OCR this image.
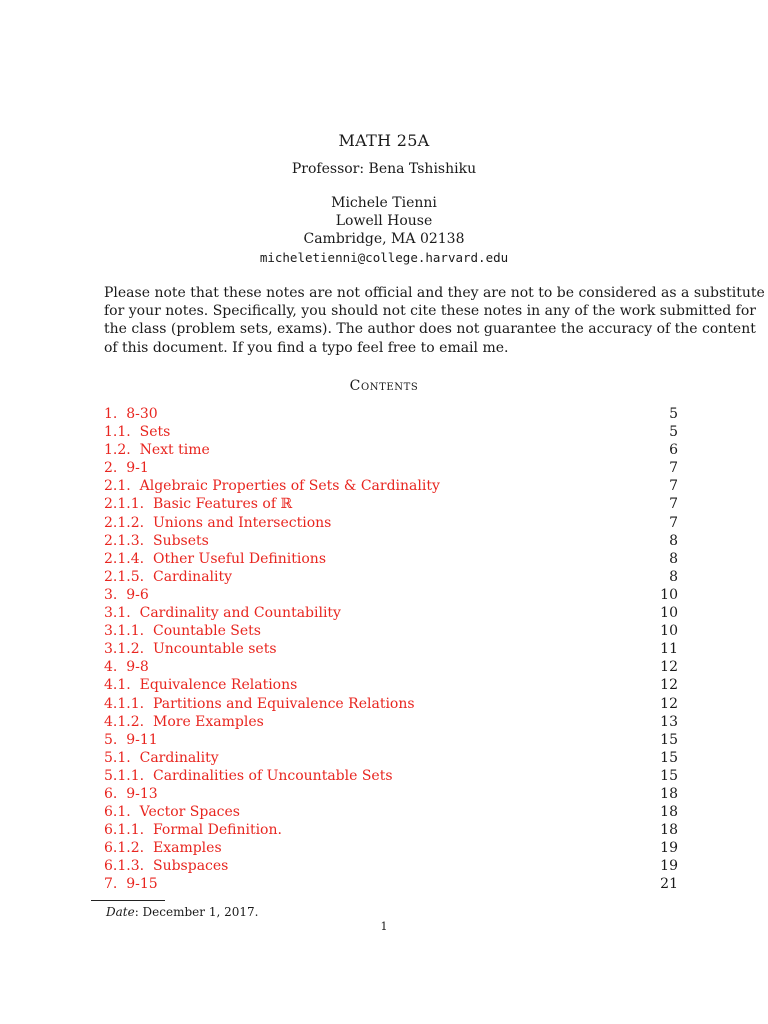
MATH 25A
Professor: Bena Tshishiku
Michele Tienni
Lowell House
Cambridge, MA 02138
micheletienni@college.harvard.edu
Please note that these notes are not official and they are not to be considered as a substitute
for your notes. Specifically, you should not cite these notes in any of the work submitted for
the class (problem sets, exams). The author does not guarantee the accuracy of the content
of this document. If you find a typo feel free to email me.
Contents
1. 8-30	5
1.1. Sets	5
1.2. Next time	6
2. 9-1	7
2.1. Algebraic Properties of Sets & Cardinality	7
2.1.1. Basic Features of ℝ	7
2.1.2. Unions and Intersections	7
2.1.3. Subsets	8
2.1.4. Other Useful Definitions	8
2.1.5. Cardinality	8
3. 9-6	10
3.1. Cardinality and Countability	10
3.1.1. Countable Sets	10
3.1.2. Uncountable sets	11
4. 9-8	12
4.1. Equivalence Relations	12
4.1.1. Partitions and Equivalence Relations	12
4.1.2. More Examples	13
5. 9-11	15
5.1. Cardinality	15
5.1.1. Cardinalities of Uncountable Sets	15
6. 9-13	18
6.1. Vector Spaces	18
6.1.1. Formal Definition.	18
6.1.2. Examples	19
6.1.3. Subspaces	19
7. 9-15	21
Date: December 1, 2017.
1
